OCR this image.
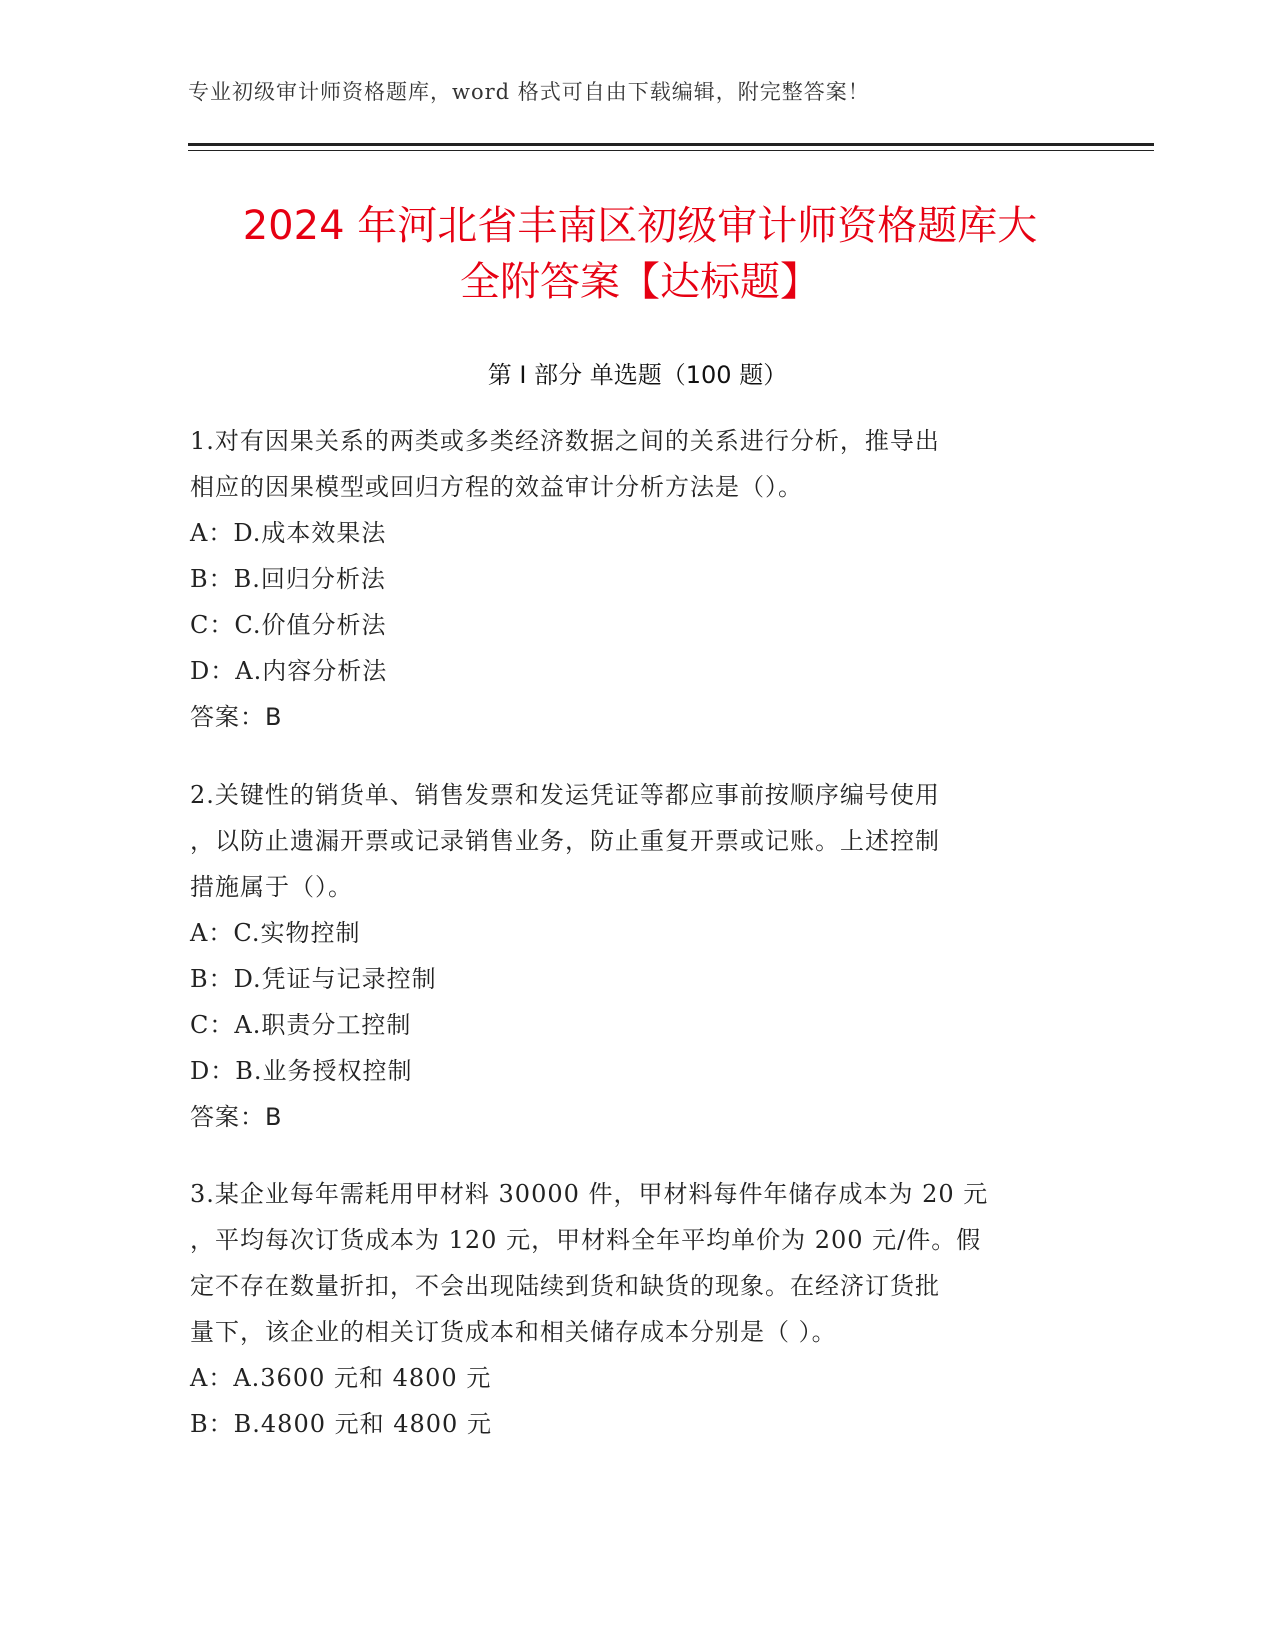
专业初级审计师资格题库，word 格式可自由下载编辑，附完整答案！
2024 年河北省丰南区初级审计师资格题库大
全附答案【达标题】
第 I 部分 单选题（100 题）
1.对有因果关系的两类或多类经济数据之间的关系进行分析，推导出
相应的因果模型或回归方程的效益审计分析方法是（）。
A：D.成本效果法
B：B.回归分析法
C：C.价值分析法
D：A.内容分析法
答案：B
2.关键性的销货单、销售发票和发运凭证等都应事前按顺序编号使用
，以防止遗漏开票或记录销售业务，防止重复开票或记账。上述控制
措施属于（）。
A：C.实物控制
B：D.凭证与记录控制
C：A.职责分工控制
D：B.业务授权控制
答案：B
3.某企业每年需耗用甲材料 30000 件，甲材料每件年储存成本为 20 元
，平均每次订货成本为 120 元，甲材料全年平均单价为 200 元/件。假
定不存在数量折扣，不会出现陆续到货和缺货的现象。在经济订货批
量下，该企业的相关订货成本和相关储存成本分别是（ ）。
A：A.3600 元和 4800 元
B：B.4800 元和 4800 元
